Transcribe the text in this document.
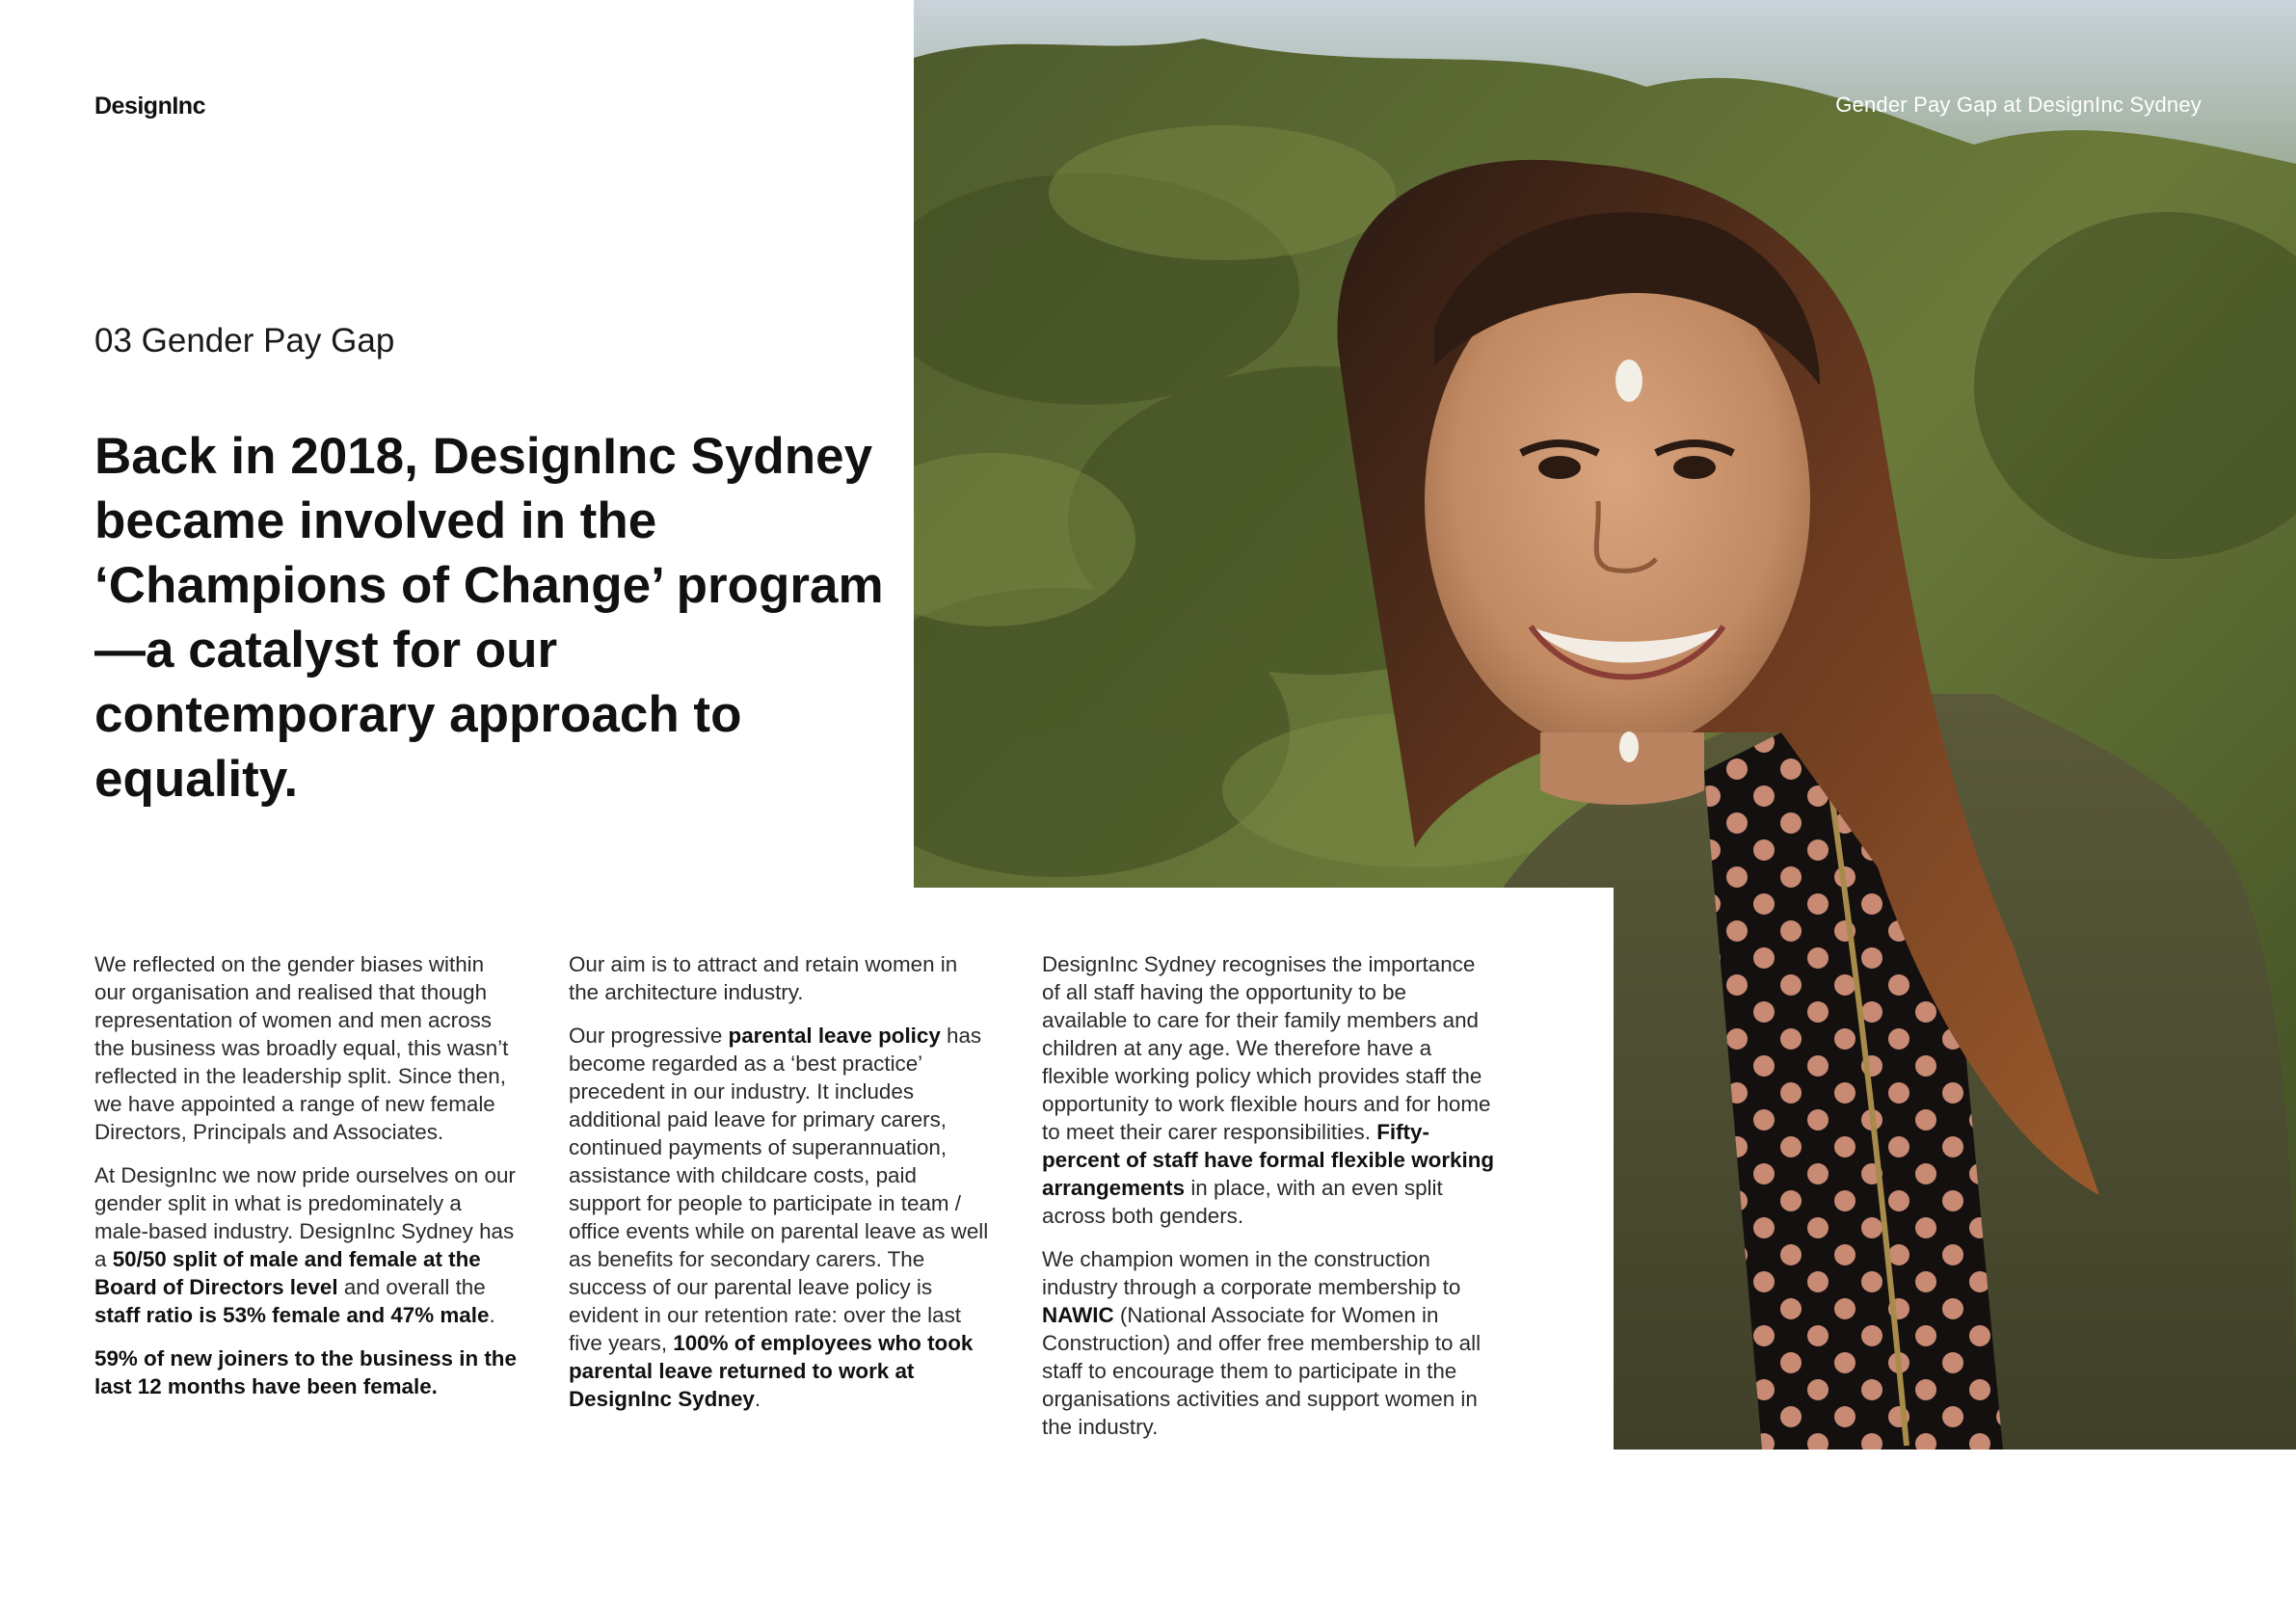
DesignInc	Gender Pay Gap at DesignInc Sydney
03 Gender Pay Gap
Back in 2018, DesignInc Sydney became involved in the ‘Champions of Change’ program—a catalyst for our contemporary approach to equality.

We reflected on the gender biases within our organisation and realised that though representation of women and men across the business was broadly equal, this wasn’t reflected in the leadership split. Since then, we have appointed a range of new female Directors, Principals and Associates.

At DesignInc we now pride ourselves on our gender split in what is predominately a male-based industry. DesignInc Sydney has a 50/50 split of male and female at the Board of Directors level and overall the staff ratio is 53% female and 47% male.

59% of new joiners to the business in the last 12 months have been female.

Our aim is to attract and retain women in the architecture industry.

Our progressive parental leave policy has become regarded as a ‘best practice’ precedent in our industry. It includes additional paid leave for primary carers, continued payments of superannuation, assistance with childcare costs, paid support for people to participate in team / office events while on parental leave as well as benefits for secondary carers. The success of our parental leave policy is evident in our retention rate: over the last five years, 100% of employees who took parental leave returned to work at DesignInc Sydney.

DesignInc Sydney recognises the importance of all staff having the opportunity to be available to care for their family members and children at any age. We therefore have a flexible working policy which provides staff the opportunity to work flexible hours and for home to meet their carer responsibilities. Fifty-percent of staff have formal flexible working arrangements in place, with an even split across both genders.

We champion women in the construction industry through a corporate membership to NAWIC (National Associate for Women in Construction) and offer free membership to all staff to encourage them to participate in the organisations activities and support women in the industry.
